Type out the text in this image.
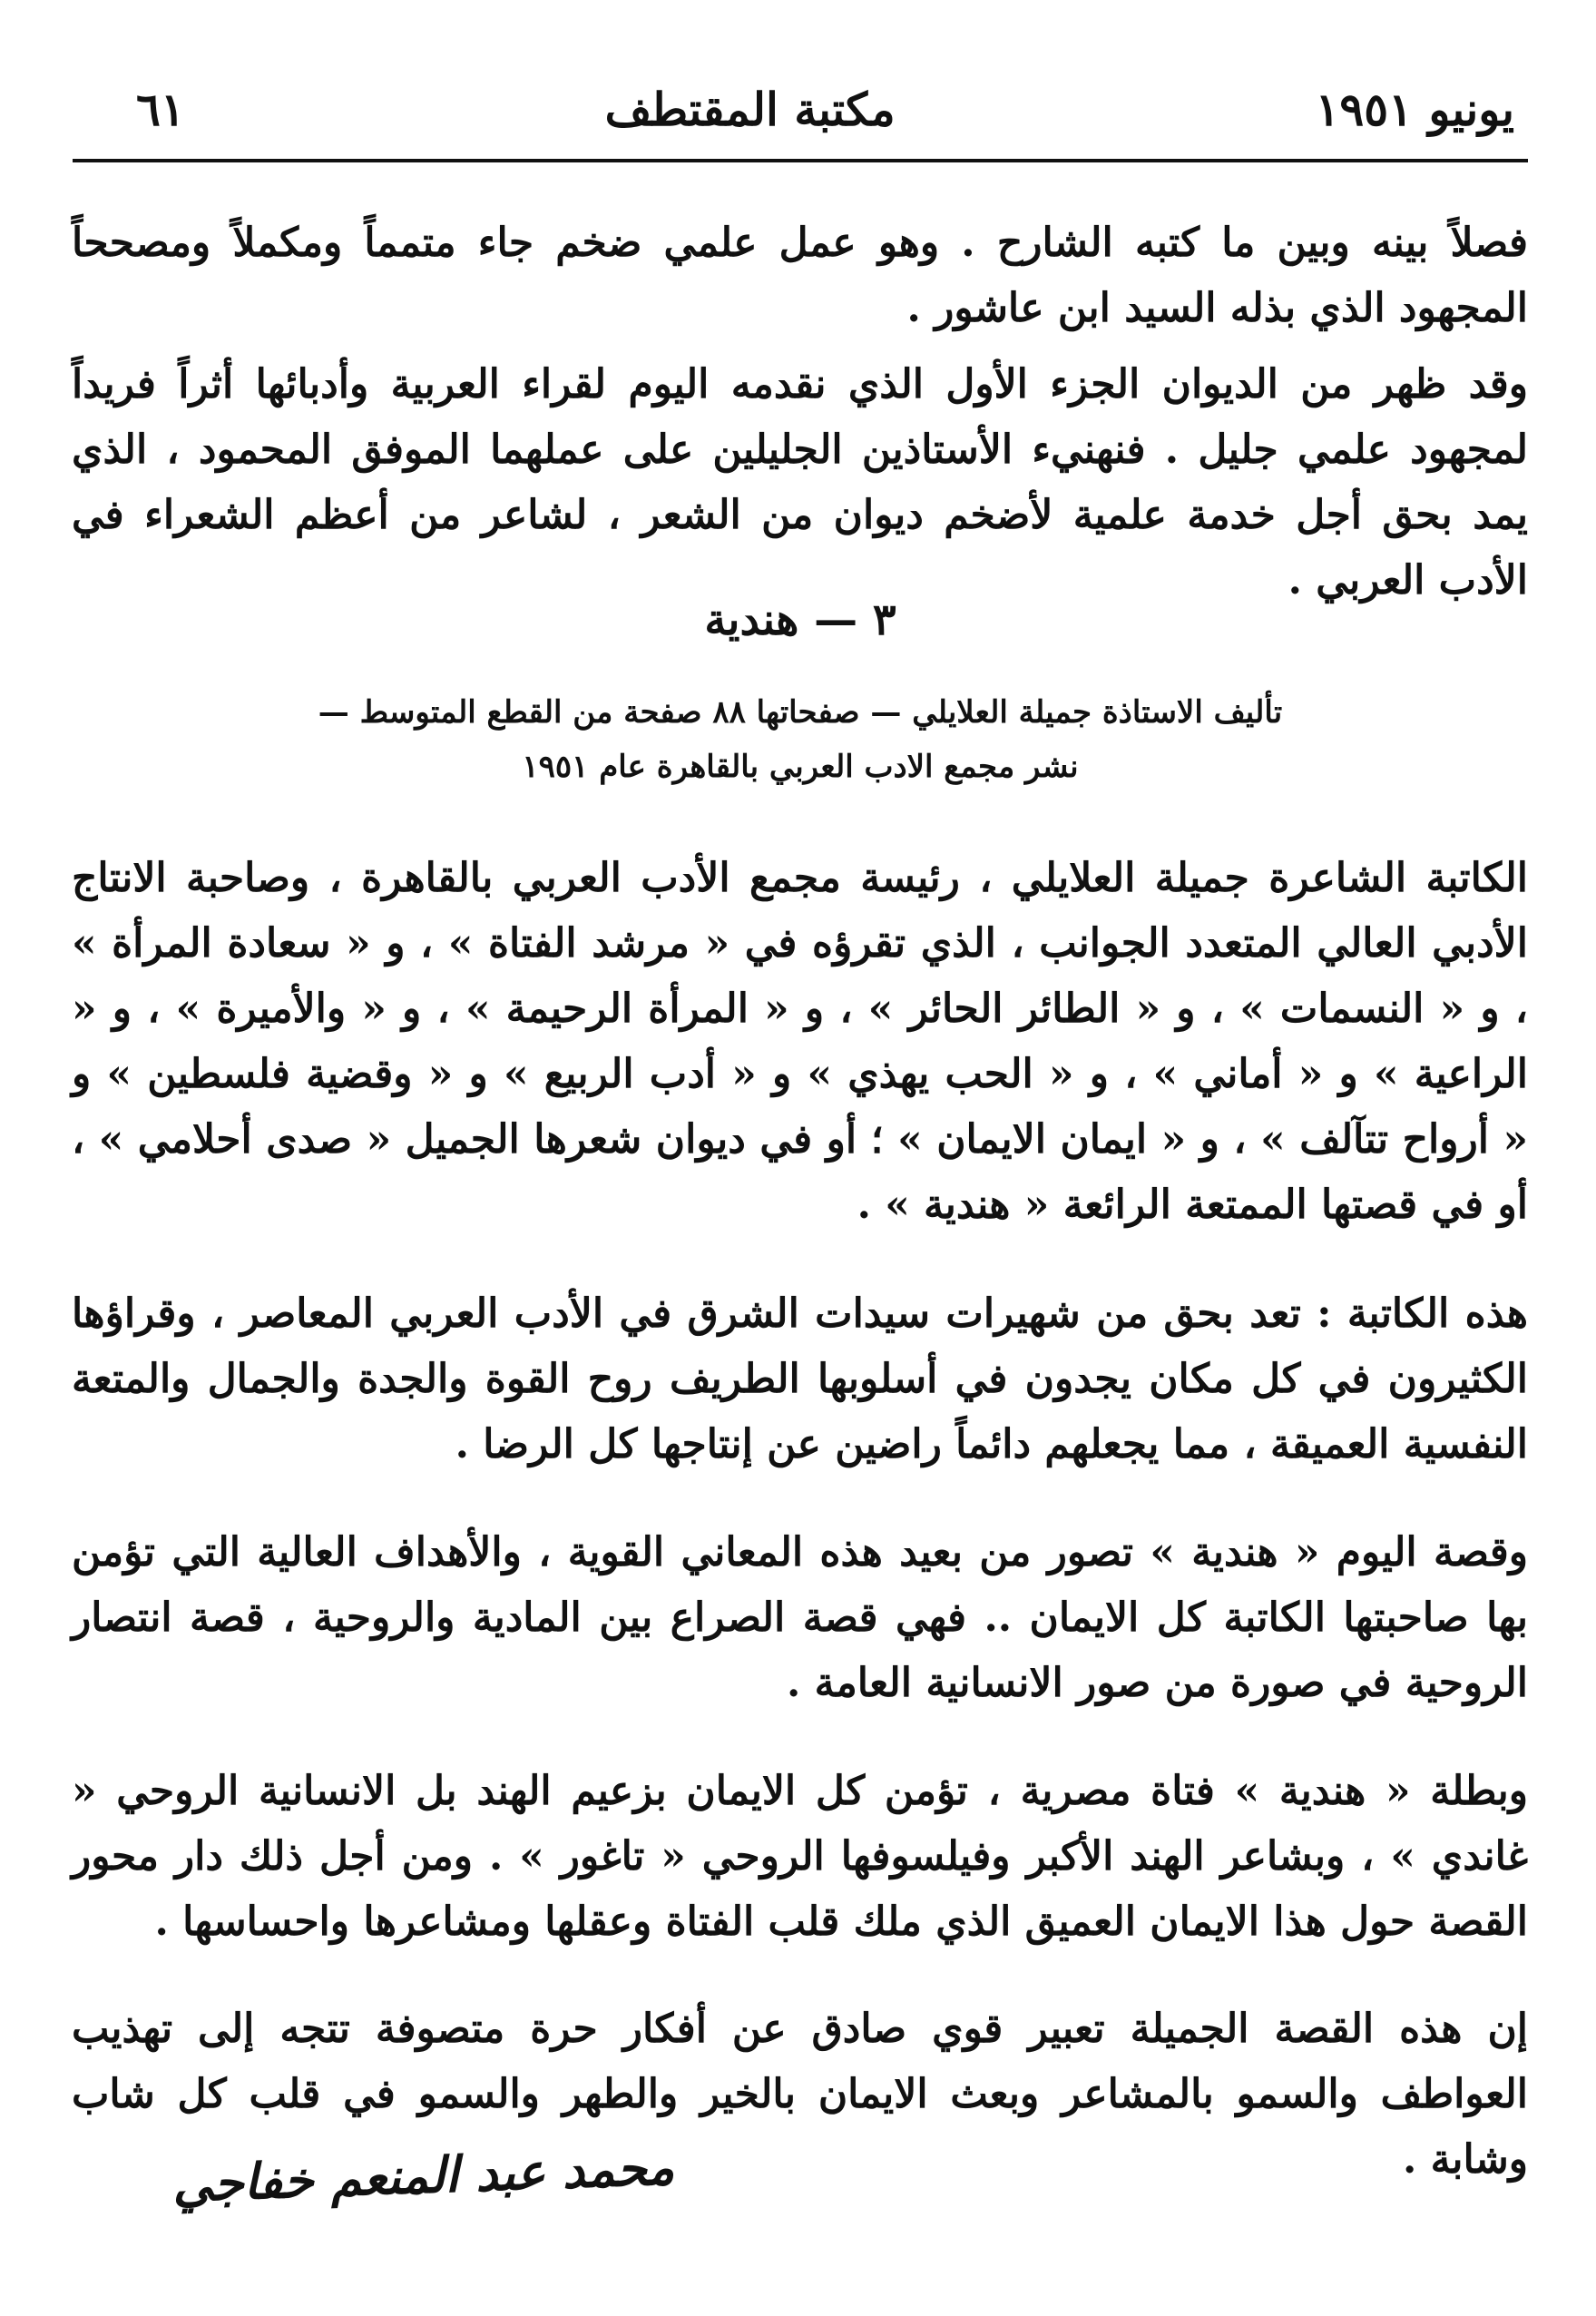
يونيو ١٩٥١
مكتبة المقتطف
٦١
فصلاً بينه وبين ما كتبه الشارح . وهو عمل علمي ضخم جاء متمماً ومكملاً ومصححاً المجهود الذي بذله السيد ابن عاشور .
وقد ظهر من الديوان الجزء الأول الذي نقدمه اليوم لقراء العربية وأدبائها أثراً فريداً لمجهود علمي جليل . فنهنيء الأستاذين الجليلين على عملهما الموفق المحمود ، الذي يمد بحق أجل خدمة علمية لأضخم ديوان من الشعر ، لشاعر من أعظم الشعراء في الأدب العربي .
٣ — هندية
تأليف الاستاذة جميلة العلايلي — صفحاتها ٨٨ صفحة من القطع المتوسط —
نشر مجمع الادب العربي بالقاهرة عام ١٩٥١
الكاتبة الشاعرة جميلة العلايلي ، رئيسة مجمع الأدب العربي بالقاهرة ، وصاحبة الانتاج الأدبي العالي المتعدد الجوانب ، الذي تقرؤه في « مرشد الفتاة » ، و « سعادة المرأة » ، و « النسمات » ، و « الطائر الحائر » ، و « المرأة الرحيمة » ، و « والأميرة » ، و « الراعية » و « أماني » ، و « الحب يهذي » و « أدب الربيع » و « وقضية فلسطين » و « أرواح تتآلف » ، و « ايمان الايمان » ؛ أو في ديوان شعرها الجميل « صدى أحلامي » ، أو في قصتها الممتعة الرائعة « هندية » .
هذه الكاتبة : تعد بحق من شهيرات سيدات الشرق في الأدب العربي المعاصر ، وقراؤها الكثيرون في كل مكان يجدون في أسلوبها الطريف روح القوة والجدة والجمال والمتعة النفسية العميقة ، مما يجعلهم دائماً راضين عن إنتاجها كل الرضا .
وقصة اليوم « هندية » تصور من بعيد هذه المعاني القوية ، والأهداف العالية التي تؤمن بها صاحبتها الكاتبة كل الايمان .. فهي قصة الصراع بين المادية والروحية ، قصة انتصار الروحية في صورة من صور الانسانية العامة .
وبطلة « هندية » فتاة مصرية ، تؤمن كل الايمان بزعيم الهند بل الانسانية الروحي « غاندي » ، وبشاعر الهند الأكبر وفيلسوفها الروحي « تاغور » . ومن أجل ذلك دار محور القصة حول هذا الايمان العميق الذي ملك قلب الفتاة وعقلها ومشاعرها واحساسها .
إن هذه القصة الجميلة تعبير قوي صادق عن أفكار حرة متصوفة تتجه إلى تهذيب العواطف والسمو بالمشاعر وبعث الايمان بالخير والطهر والسمو في قلب كل شاب وشابة .
محمد عبد المنعم خفاجي
